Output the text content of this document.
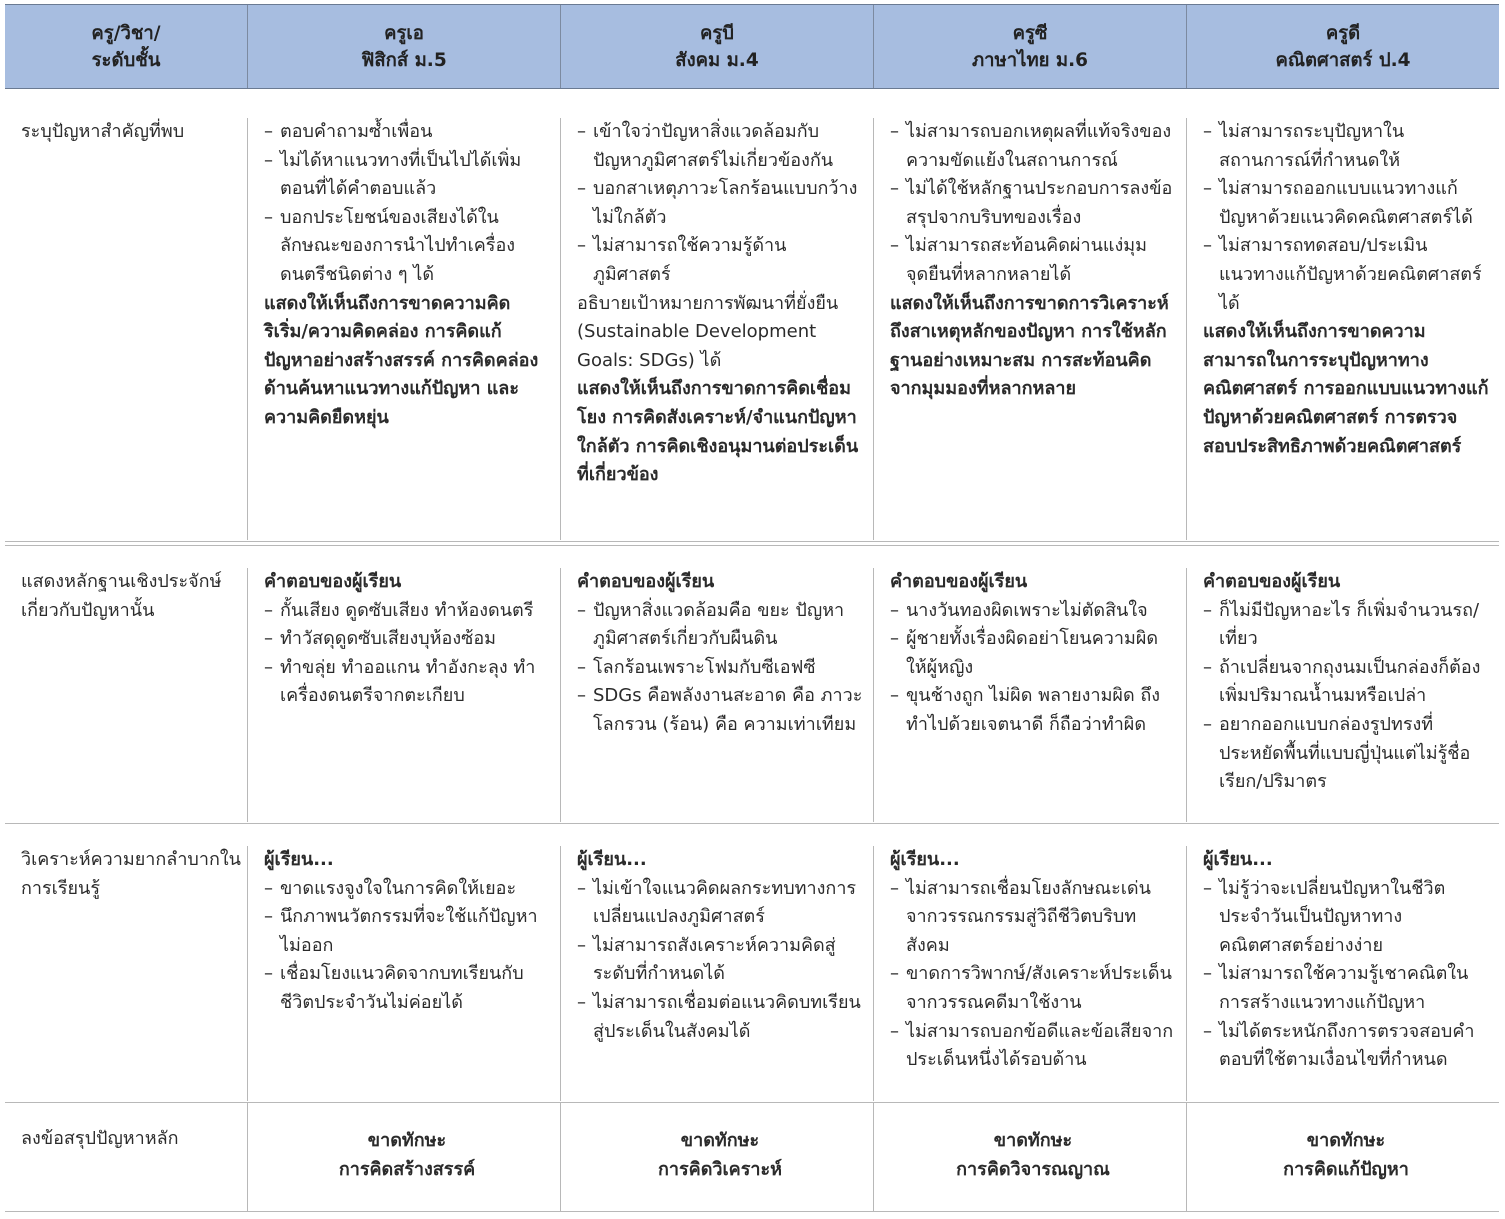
ครู/วิชา/
ระดับชั้น
ครูเอ
ฟิสิกส์ ม.5
ครูบี
สังคม ม.4
ครูซี
ภาษาไทย ม.6
ครูดี
คณิตศาสตร์ ป.4
ระบุปัญหาสำคัญที่พบ
–	ตอบคำถามซ้ำเพื่อน
– ไม่ได้หาแนวทางที่เป็นไปได้เพิ่มตอนที่ได้คำตอบแล้ว
– บอกประโยชน์ของเสียงได้ในลักษณะของการนำไปทำเครื่องดนตรีชนิดต่าง ๆ ได้
แสดงให้เห็นถึงการขาดความคิดริเริ่ม/ความคิดคล่อง การคิดแก้ปัญหาอย่างสร้างสรรค์ การคิดคล่องด้านค้นหาแนวทางแก้ปัญหา และความคิดยืดหยุ่น
– เข้าใจว่าปัญหาสิ่งแวดล้อมกับปัญหาภูมิศาสตร์ไม่เกี่ยวข้องกัน
– บอกสาเหตุภาวะโลกร้อนแบบกว้าง ไม่ใกล้ตัว
– ไม่สามารถใช้ความรู้ด้านภูมิศาสตร์
อธิบายเป้าหมายการพัฒนาที่ยั่งยืน (Sustainable Development Goals: SDGs) ได้
แสดงให้เห็นถึงการขาดการคิดเชื่อมโยง การคิดสังเคราะห์/จำแนกปัญหาใกล้ตัว การคิดเชิงอนุมานต่อประเด็นที่เกี่ยวข้อง
– ไม่สามารถบอกเหตุผลที่แท้จริงของความขัดแย้งในสถานการณ์
– ไม่ได้ใช้หลักฐานประกอบการลงข้อสรุปจากบริบทของเรื่อง
– ไม่สามารถสะท้อนคิดผ่านแง่มุมจุดยืนที่หลากหลายได้
แสดงให้เห็นถึงการขาดการวิเคราะห์ถึงสาเหตุหลักของปัญหา การใช้หลักฐานอย่างเหมาะสม การสะท้อนคิดจากมุมมองที่หลากหลาย
– ไม่สามารถระบุปัญหาในสถานการณ์ที่กำหนดให้
– ไม่สามารถออกแบบแนวทางแก้ปัญหาด้วยแนวคิดคณิตศาสตร์ได้
– ไม่สามารถทดสอบ/ประเมินแนวทางแก้ปัญหาด้วยคณิตศาสตร์ได้
แสดงให้เห็นถึงการขาดความสามารถในการระบุปัญหาทางคณิตศาสตร์ การออกแบบแนวทางแก้ปัญหาด้วยคณิตศาสตร์ การตรวจสอบประสิทธิภาพด้วยคณิตศาสตร์
แสดงหลักฐานเชิงประจักษ์เกี่ยวกับปัญหานั้น
คำตอบของผู้เรียน
– กั้นเสียง ดูดซับเสียง ทำห้องดนตรี
– ทำวัสดุดูดซับเสียงบุห้องซ้อม
– ทำขลุ่ย ทำออแกน ทำอังกะลุง ทำเครื่องดนตรีจากตะเกียบ
คำตอบของผู้เรียน
– ปัญหาสิ่งแวดล้อมคือ ขยะ ปัญหาภูมิศาสตร์เกี่ยวกับผืนดิน
– โลกร้อนเพราะโฟมกับซีเอฟซี
– SDGs คือพลังงานสะอาด คือ ภาวะโลกรวน (ร้อน) คือ ความเท่าเทียม
คำตอบของผู้เรียน
– นางวันทองผิดเพราะไม่ตัดสินใจ
– ผู้ชายทั้งเรื่องผิดอย่าโยนความผิดให้ผู้หญิง
– ขุนช้างถูก ไม่ผิด พลายงามผิด ถึงทำไปด้วยเจตนาดี ก็ถือว่าทำผิด
คำตอบของผู้เรียน
– ก็ไม่มีปัญหาอะไร ก็เพิ่มจำนวนรถ/เที่ยว
– ถ้าเปลี่ยนจากถุงนมเป็นกล่องก็ต้องเพิ่มปริมาณน้ำนมหรือเปล่า
– อยากออกแบบกล่องรูปทรงที่ประหยัดพื้นที่แบบญี่ปุ่นแต่ไม่รู้ชื่อเรียก/ปริมาตร
วิเคราะห์ความยากลำบากในการเรียนรู้
ผู้เรียน...
– ขาดแรงจูงใจในการคิดให้เยอะ
– นึกภาพนวัตกรรมที่จะใช้แก้ปัญหาไม่ออก
– เชื่อมโยงแนวคิดจากบทเรียนกับชีวิตประจำวันไม่ค่อยได้
ผู้เรียน...
– ไม่เข้าใจแนวคิดผลกระทบทางการเปลี่ยนแปลงภูมิศาสตร์
– ไม่สามารถสังเคราะห์ความคิดสู่ระดับที่กำหนดได้
– ไม่สามารถเชื่อมต่อแนวคิดบทเรียนสู่ประเด็นในสังคมได้
ผู้เรียน...
– ไม่สามารถเชื่อมโยงลักษณะเด่นจากวรรณกรรมสู่วิถีชีวิตบริบทสังคม
– ขาดการวิพากษ์/สังเคราะห์ประเด็นจากวรรณคดีมาใช้งาน
– ไม่สามารถบอกข้อดีและข้อเสียจากประเด็นหนึ่งได้รอบด้าน
ผู้เรียน...
– ไม่รู้ว่าจะเปลี่ยนปัญหาในชีวิตประจำวันเป็นปัญหาทางคณิตศาสตร์อย่างง่าย
– ไม่สามารถใช้ความรู้เชาคณิตในการสร้างแนวทางแก้ปัญหา
– ไม่ได้ตระหนักถึงการตรวจสอบคำตอบที่ใช้ตามเงื่อนไขที่กำหนด
ลงข้อสรุปปัญหาหลัก	ขาดทักษะ
การคิดสร้างสรรค์
ขาดทักษะ
การคิดวิเคราะห์
ขาดทักษะ
การคิดวิจารณญาณ
ขาดทักษะ
การคิดแก้ปัญหา
